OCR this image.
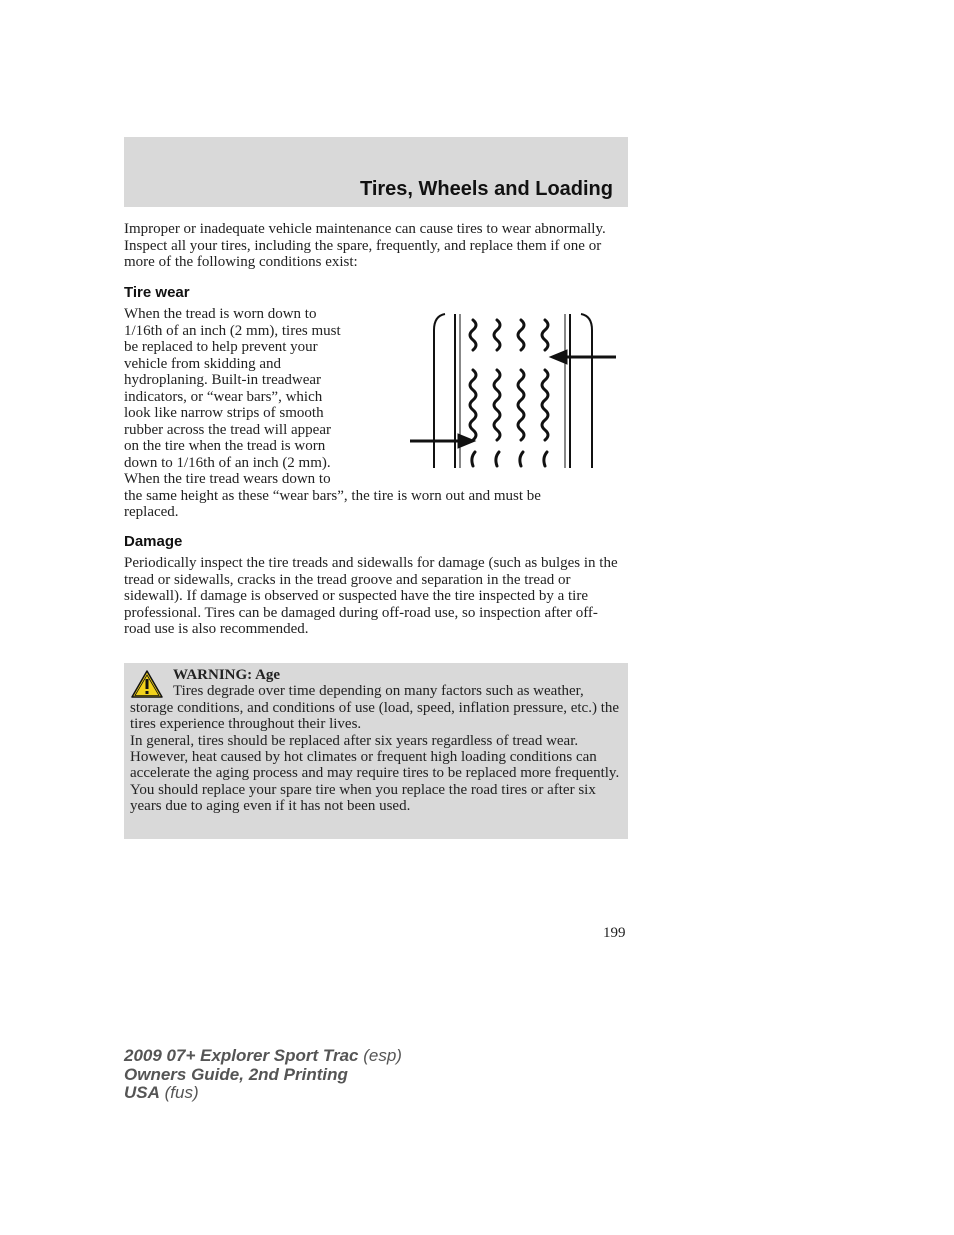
Tires, Wheels and Loading

Improper or inadequate vehicle maintenance can cause tires to wear abnormally. Inspect all your tires, including the spare, frequently, and replace them if one or more of the following conditions exist:

Tire wear
When the tread is worn down to
1/16th of an inch (2 mm), tires must
be replaced to help prevent your
vehicle from skidding and
hydroplaning. Built-in treadwear
indicators, or “wear bars”, which
look like narrow strips of smooth
rubber across the tread will appear
on the tire when the tread is worn
down to 1/16th of an inch (2 mm).
When the tire tread wears down to
the same height as these “wear bars”, the tire is worn out and must be
replaced.
Damage

Periodically inspect the tire treads and sidewalls for damage (such as bulges in the tread or sidewalls, cracks in the tread groove and separation in the tread or sidewall). If damage is observed or suspected have the tire inspected by a tire professional. Tires can be damaged during off-road use, so inspection after off-road use is also recommended.

WARNING: Age

Tires degrade over time depending on many factors such as weather, storage conditions, and conditions of use (load, speed, inflation pressure, etc.) the tires experience throughout their lives.

In general, tires should be replaced after six years regardless of tread wear. However, heat caused by hot climates or frequent high loading conditions can accelerate the aging process and may require tires to be replaced more frequently.

You should replace your spare tire when you replace the road tires or after six years due to aging even if it has not been used.

199
2009 07+ Explorer Sport Trac (esp)
Owners Guide, 2nd Printing
USA (fus)
